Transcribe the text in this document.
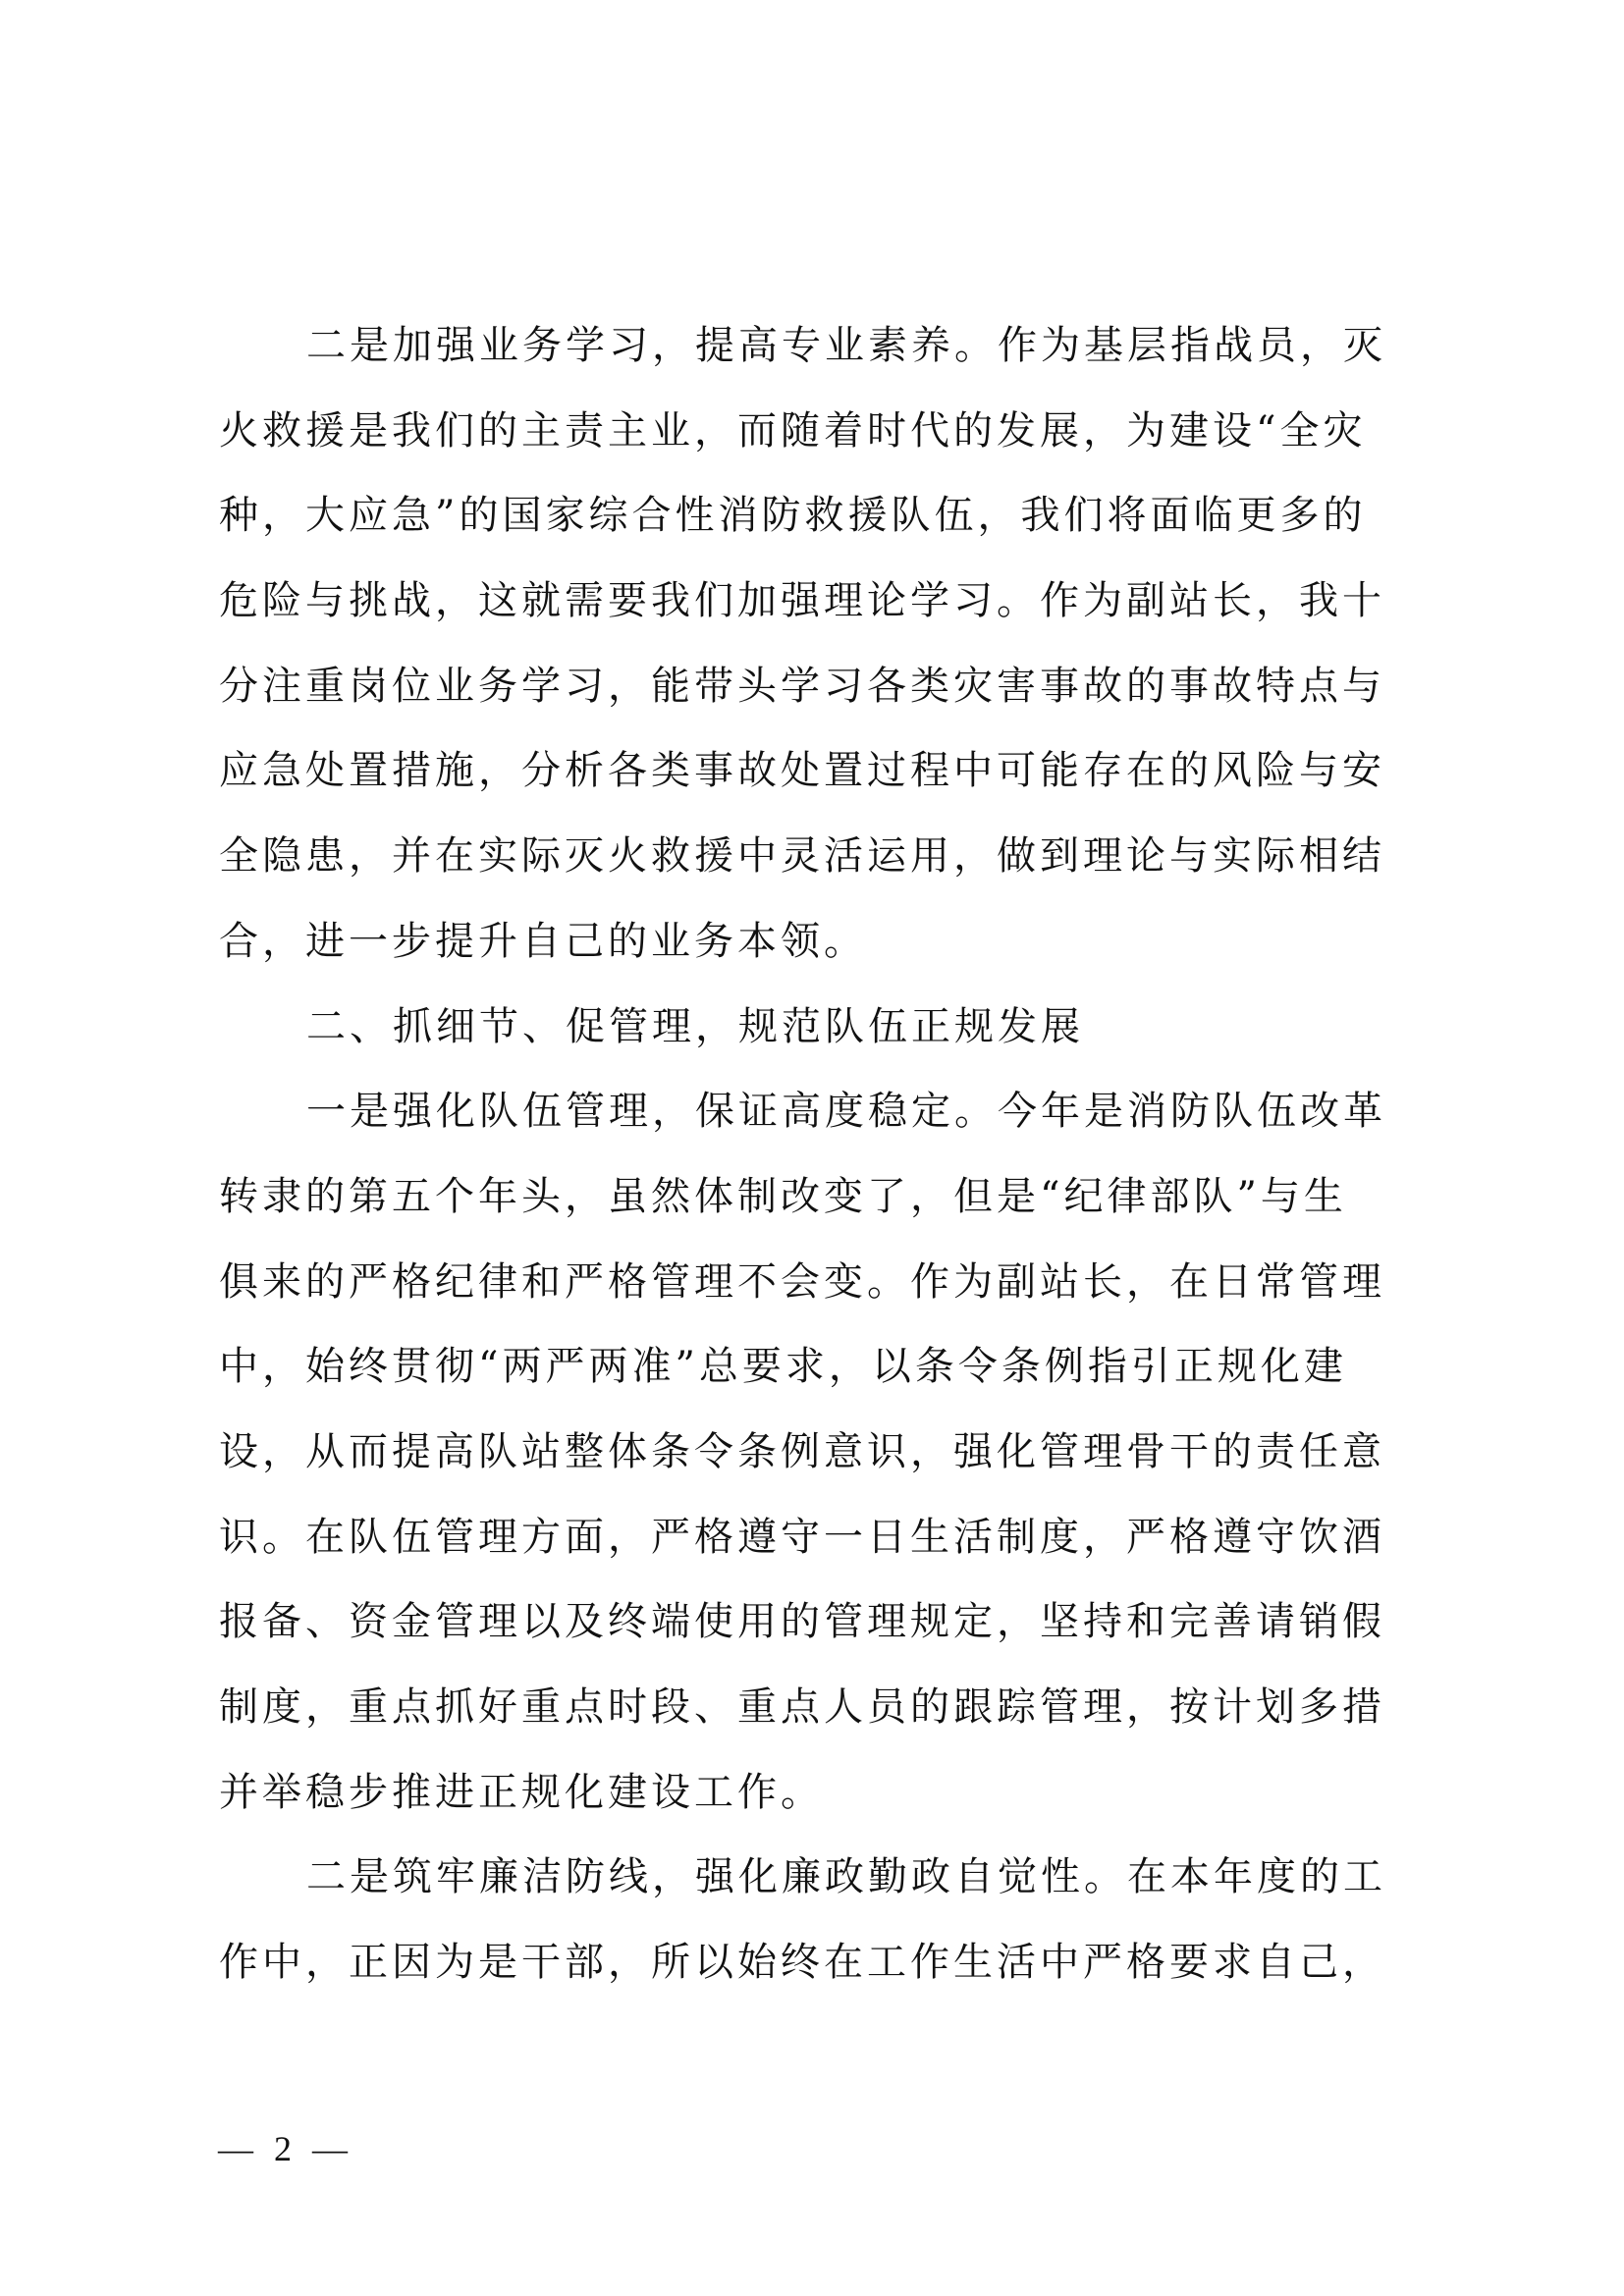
二是加强业务学习，提高专业素养。作为基层指战员，灭
火救援是我们的主责主业，而随着时代的发展，为建设“全灾
种，大应急”的国家综合性消防救援队伍，我们将面临更多的
危险与挑战，这就需要我们加强理论学习。作为副站长，我十
分注重岗位业务学习，能带头学习各类灾害事故的事故特点与
应急处置措施，分析各类事故处置过程中可能存在的风险与安
全隐患，并在实际灭火救援中灵活运用，做到理论与实际相结
合，进一步提升自己的业务本领。
二、抓细节、促管理，规范队伍正规发展
一是强化队伍管理，保证高度稳定。今年是消防队伍改革
转隶的第五个年头，虽然体制改变了，但是“纪律部队”与生
俱来的严格纪律和严格管理不会变。作为副站长，在日常管理
中，始终贯彻“两严两准”总要求，以条令条例指引正规化建
设，从而提高队站整体条令条例意识，强化管理骨干的责任意
识。在队伍管理方面，严格遵守一日生活制度，严格遵守饮酒
报备、资金管理以及终端使用的管理规定，坚持和完善请销假
制度，重点抓好重点时段、重点人员的跟踪管理，按计划多措
并举稳步推进正规化建设工作。
二是筑牢廉洁防线，强化廉政勤政自觉性。在本年度的工
作中，正因为是干部，所以始终在工作生活中严格要求自己，
— 2 —
